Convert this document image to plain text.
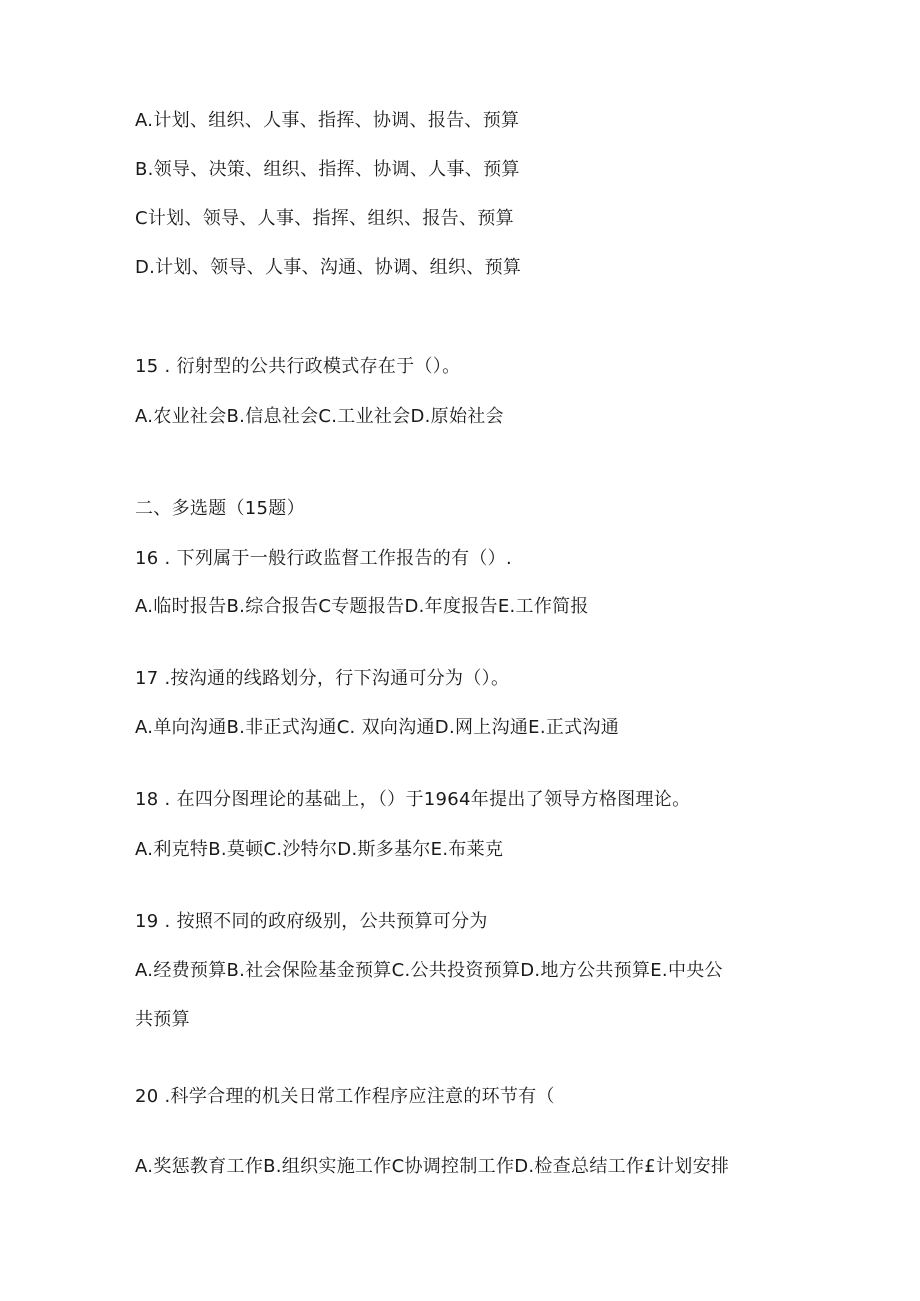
A.计划、组织、人事、指挥、协调、报告、预算
B.领导、决策、组织、指挥、协调、人事、预算
C计划、领导、人事、指挥、组织、报告、预算
D.计划、领导、人事、沟通、协调、组织、预算
15 . 衍射型的公共行政模式存在于（）。
A.农业社会B.信息社会C.工业社会D.原始社会
二、多选题（15题）
16 . 下列属于一般行政监督工作报告的有（）.
A.临时报告B.综合报告C专题报告D.年度报告E.工作简报
17 .按沟通的线路划分，行下沟通可分为（）。
A.单向沟通B.非正式沟通C. 双向沟通D.网上沟通E.正式沟通
18 . 在四分图理论的基础上，（）于1964年提出了领导方格图理论。
A.利克特B.莫顿C.沙特尔D.斯多基尔E.布莱克
19 . 按照不同的政府级别，公共预算可分为
A.经费预算B.社会保险基金预算C.公共投资预算D.地方公共预算E.中央公
共预算
20 .科学合理的机关日常工作程序应注意的环节有（
A.奖惩教育工作B.组织实施工作C协调控制工作D.检查总结工作£计划安排
